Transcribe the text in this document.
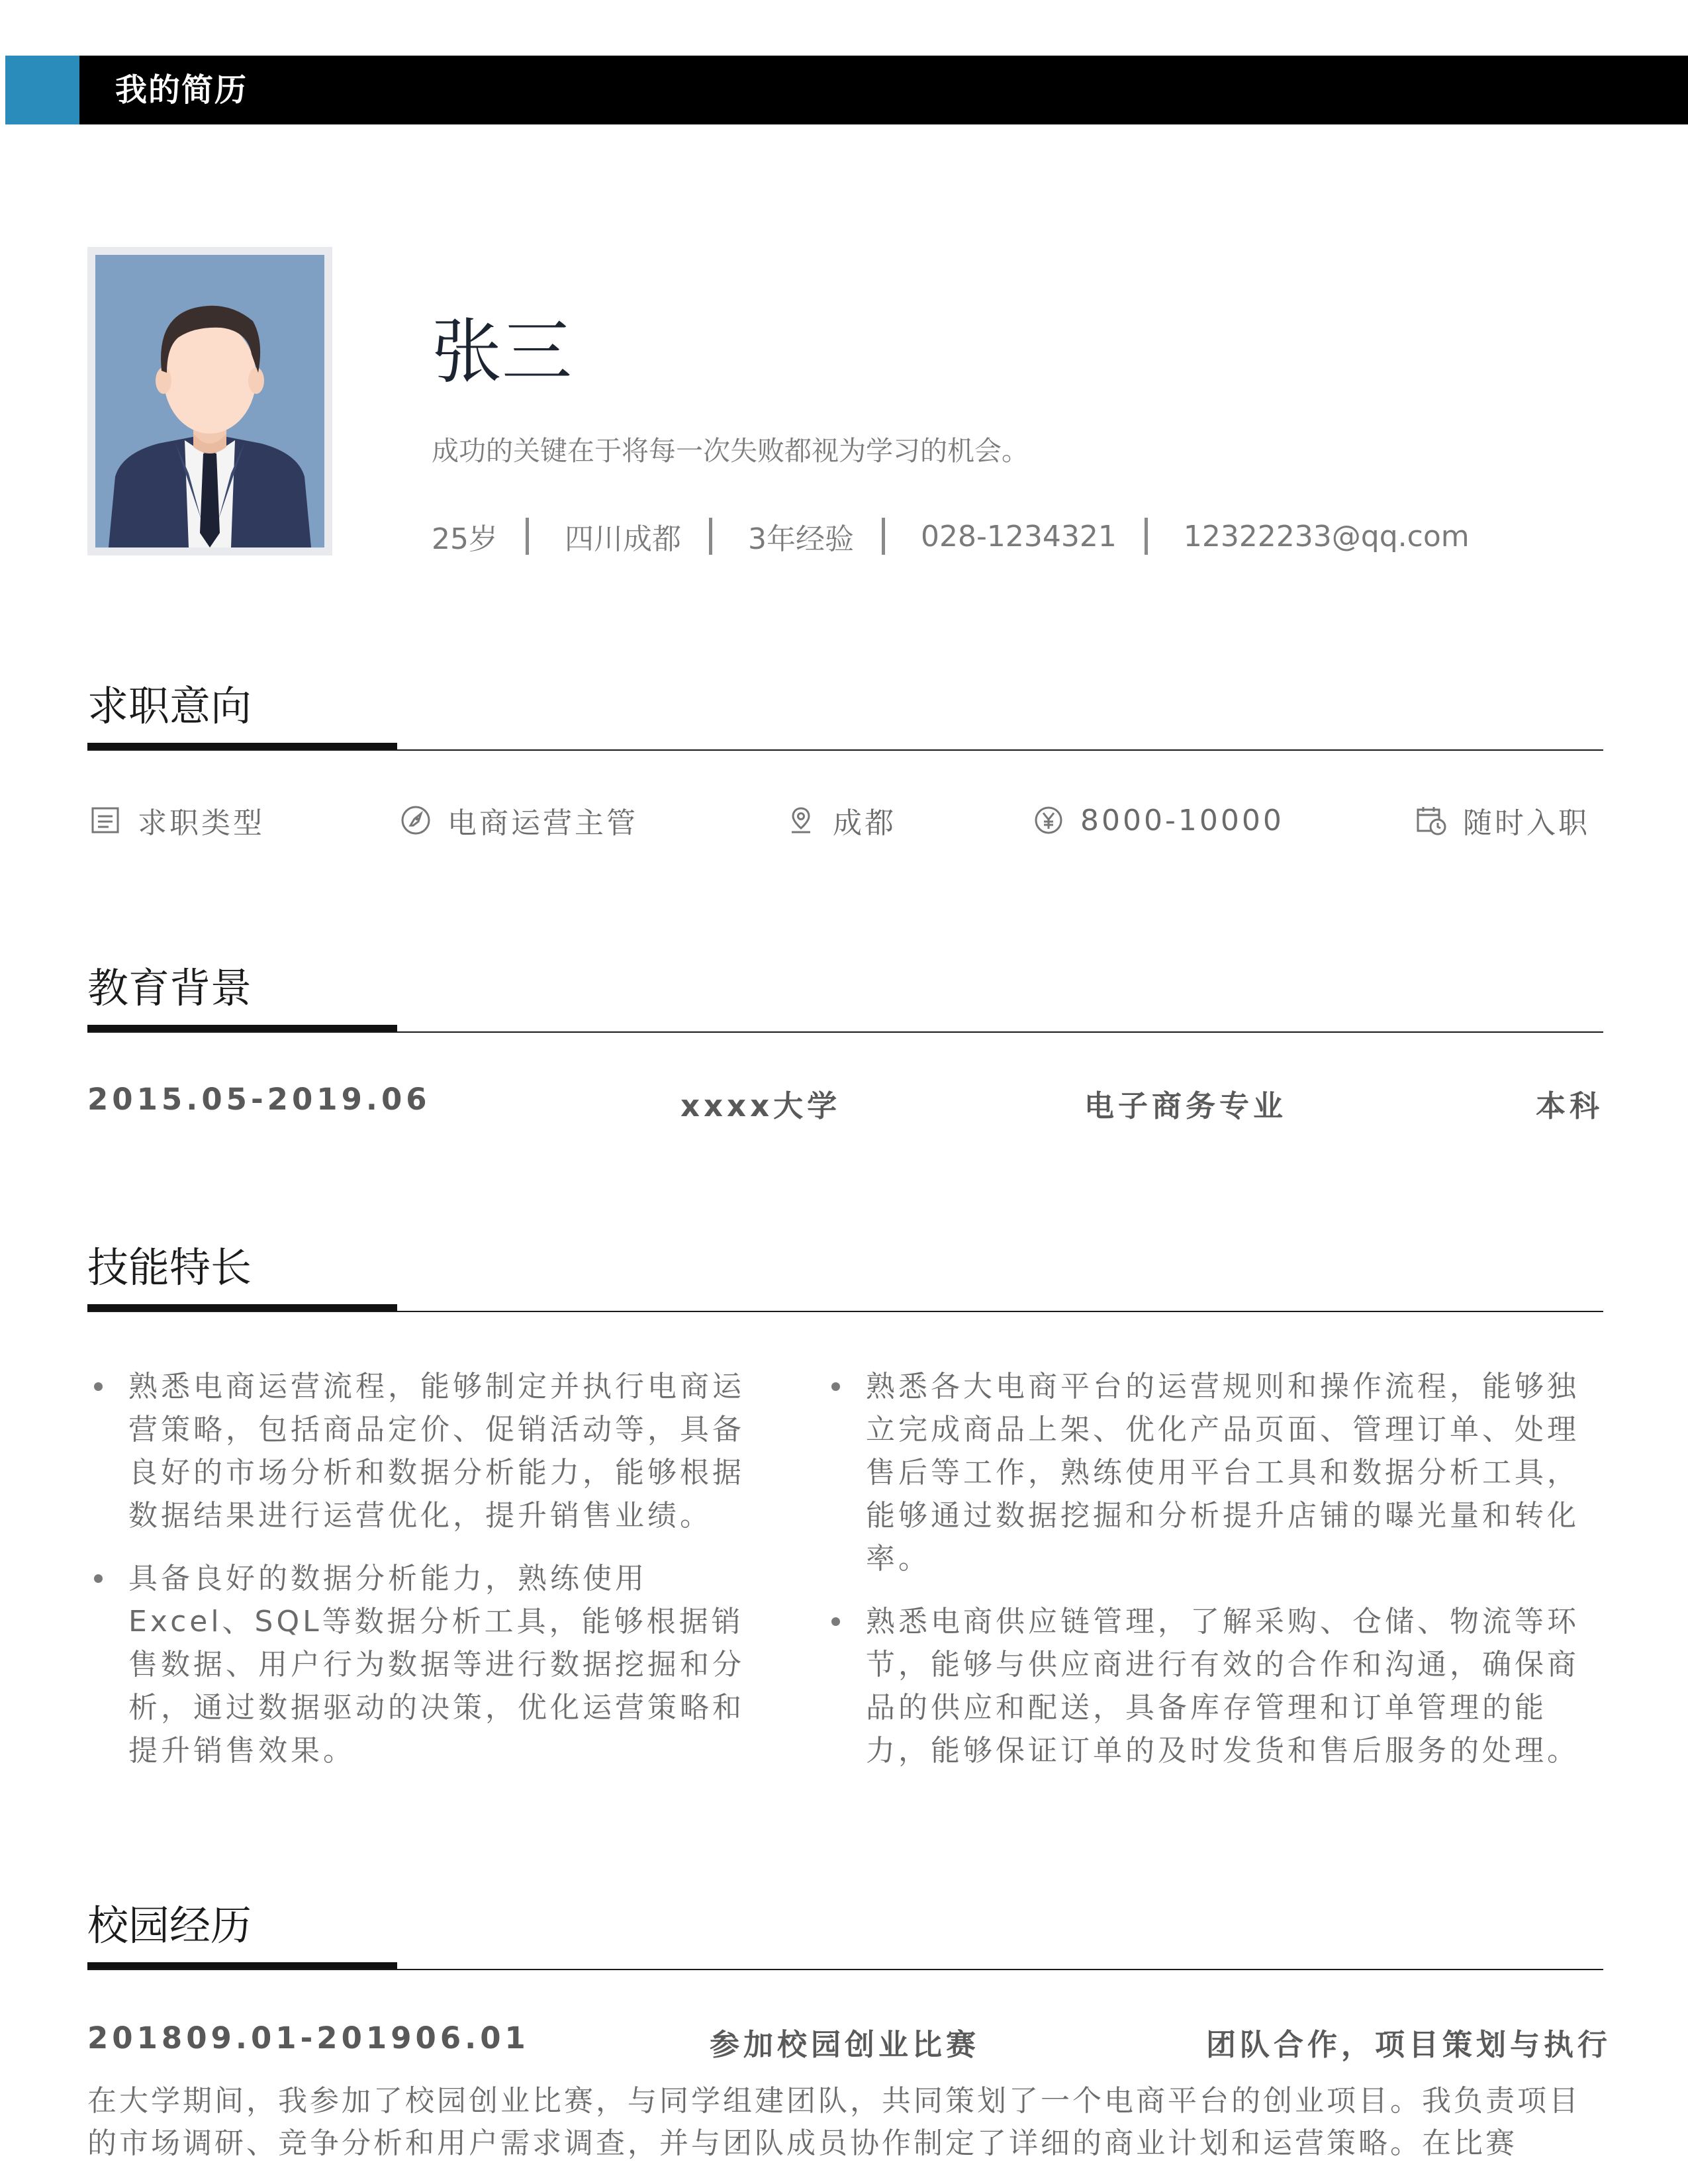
我的简历
张三
成功的关键在于将每一次失败都视为学习的机会。
25岁 四川成都 3年经验 028-1234321 12322233@qq.com
求职意向
求职类型	电商运营主管	成都	8000-10000	随时入职
教育背景
2015.05-2019.06	xxxx大学	电子商务专业	本科
技能特长
熟悉电商运营流程，能够制定并执行电商运营策略，包括商品定价、促销活动等，具备良好的市场分析和数据分析能力，能够根据数据结果进行运营优化，提升销售业绩。
具备良好的数据分析能力，熟练使用Excel、SQL等数据分析工具，能够根据销售数据、用户行为数据等进行数据挖掘和分析，通过数据驱动的决策，优化运营策略和提升销售效果。
熟悉各大电商平台的运营规则和操作流程，能够独立完成商品上架、优化产品页面、管理订单、处理售后等工作，熟练使用平台工具和数据分析工具，能够通过数据挖掘和分析提升店铺的曝光量和转化率。
熟悉电商供应链管理，了解采购、仓储、物流等环节，能够与供应商进行有效的合作和沟通，确保商品的供应和配送，具备库存管理和订单管理的能力，能够保证订单的及时发货和售后服务的处理。
校园经历
201809.01-201906.01	参加校园创业比赛	团队合作，项目策划与执行
在大学期间，我参加了校园创业比赛，与同学组建团队，共同策划了一个电商平台的创业项目。我负责项目的市场调研、竞争分析和用户需求调查，并与团队成员协作制定了详细的商业计划和运营策略。在比赛
